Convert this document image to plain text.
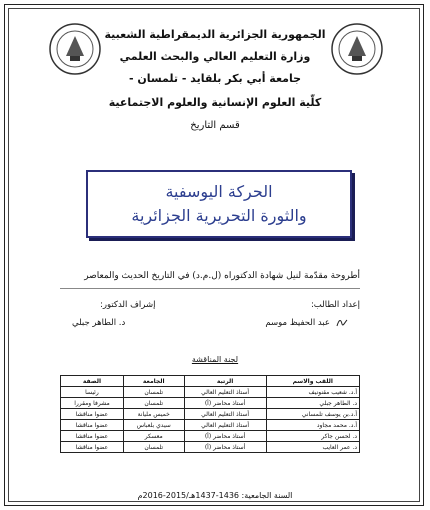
الجمهورية الجزائرية الديمقراطية الشعبية
وزارة التعليم العالي والبحث العلمي
جامعة أبي بكر بلقايد - تلمسان -
كلّية العلوم الإنسانية والعلوم الاجتماعية
قسم التاريخ
الحركة اليوسفية
والثورة التحريرية الجزائرية
أطروحة مقدّمة لنيل شهادة الدكتوراه (ل.م.د) في التاريخ الحديث والمعاصر
إعداد الطالب:
عبد الحفيظ موسم
إشراف الدكتور:
د. الطاهر جبلي
لجنة المناقشة
اللقب والاسم	الرتبة	الجامعة	الصفة
أ.د. شعيب مقنونيف	أستاذ التعليم العالي	تلمسان	رئيسا
د. الطاهر جبلي	أستاذ محاضر (أ)	تلمسان	مشرفا ومقررا
أ.د.بن يوسف تلمساني	أستاذ التعليم العالي	خميس مليانة	عضوا مناقشا
أ.د. محمد مجاود	أستاذ التعليم العالي	سيدي بلعباس	عضوا مناقشا
د. لحسن جاكر	أستاذ محاضر (أ)	معسكر	عضوا مناقشا
د. عمر العايب	أستاذ محاضر (أ)	تلمسان	عضوا مناقشا
السنة الجامعية: 1436-1437هـ/2015-2016م
